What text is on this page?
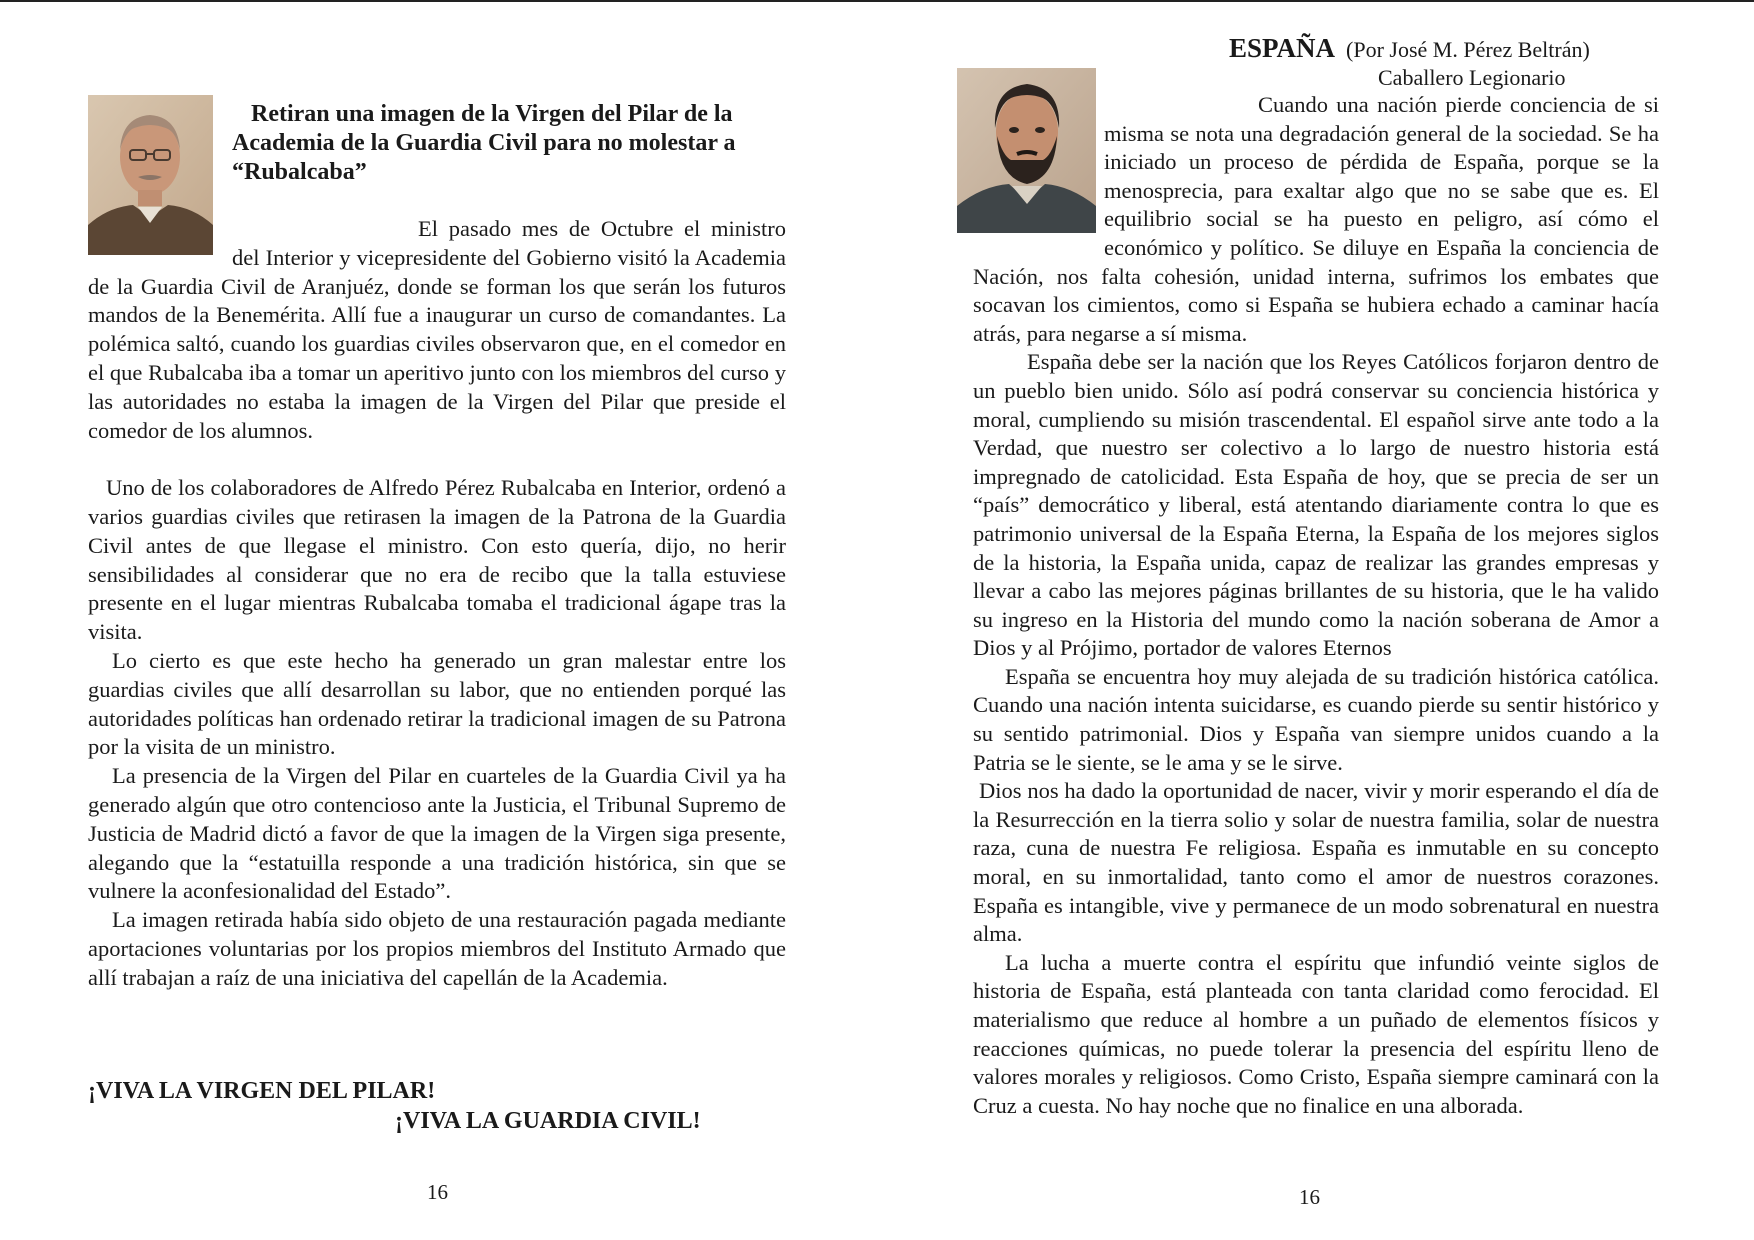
Retiran una imagen de la Virgen del Pilar de la
Academia de la Guardia Civil para no molestar a
“Rubalcaba”

El pasado mes de Octubre el ministro del Interior y vicepresidente del Gobierno visitó la Academia de la Guardia Civil de Aranjuéz, donde se forman los que serán los futuros mandos de la Benemérita. Allí fue a inaugurar un curso de comandantes. La polémica saltó, cuando los guardias civiles observaron que, en el comedor en el que Rubalcaba iba a tomar un aperitivo junto con los miembros del curso y las autoridades no estaba la imagen de la Virgen del Pilar que preside el comedor de los alumnos.

Uno de los colaboradores de Alfredo Pérez Rubalcaba en Interior, ordenó a varios guardias civiles que retirasen la imagen de la Patrona de la Guardia Civil antes de que llegase el ministro. Con esto quería, dijo, no herir sensibilidades al considerar que no era de recibo que la talla estuviese presente en el lugar mientras Rubalcaba tomaba el tradicional ágape tras la visita.

Lo cierto es que este hecho ha generado un gran malestar entre los guardias civiles que allí desarrollan su labor, que no entienden porqué las autoridades políticas han ordenado retirar la tradicional imagen de su Patrona por la visita de un ministro.

La presencia de la Virgen del Pilar en cuarteles de la Guardia Civil ya ha generado algún que otro contencioso ante la Justicia, el Tribunal Supremo de Justicia de Madrid dictó a favor de que la imagen de la Virgen siga presente, alegando que la “estatuilla responde a una tradición histórica, sin que se vulnere la aconfesionalidad del Estado”.

La imagen retirada había sido objeto de una restauración pagada mediante aportaciones voluntarias por los propios miembros del Instituto Armado que allí trabajan a raíz de una iniciativa del capellán de la Academia.

¡VIVA LA VIRGEN DEL PILAR!

¡VIVA LA GUARDIA CIVIL!

16
ESPAÑA (Por José M. Pérez Beltrán)
Caballero Legionario

Cuando una nación pierde conciencia de si misma se nota una degradación general de la sociedad. Se ha iniciado un proceso de pérdida de España, porque se la menosprecia, para exaltar algo que no se sabe que es. El equilibrio social se ha puesto en peligro, así cómo el económico y político. Se diluye en España la conciencia de Nación, nos falta cohesión, unidad interna, sufrimos los embates que socavan los cimientos, como si España se hubiera echado a caminar hacía atrás, para negarse a sí misma.

España debe ser la nación que los Reyes Católicos forjaron dentro de un pueblo bien unido. Sólo así podrá conservar su conciencia histórica y moral, cumpliendo su misión trascendental. El español sirve ante todo a la Verdad, que nuestro ser colectivo a lo largo de nuestro historia está impregnado de catolicidad. Esta España de hoy, que se precia de ser un “país” democrático y liberal, está atentando diariamente contra lo que es patrimonio universal de la España Eterna, la España de los mejores siglos de la historia, la España unida, capaz de realizar las grandes empresas y llevar a cabo las mejores páginas brillantes de su historia, que le ha valido su ingreso en la Historia del mundo como la nación soberana de Amor a Dios y al Prójimo, portador de valores Eternos

España se encuentra hoy muy alejada de su tradición histórica católica. Cuando una nación intenta suicidarse, es cuando pierde su sentir histórico y su sentido patrimonial. Dios y España van siempre unidos cuando a la Patria se le siente, se le ama y se le sirve.

Dios nos ha dado la oportunidad de nacer, vivir y morir esperando el día de la Resurrección en la tierra solio y solar de nuestra familia, solar de nuestra raza, cuna de nuestra Fe religiosa. España es inmutable en su concepto moral, en su inmortalidad, tanto como el amor de nuestros corazones. España es intangible, vive y permanece de un modo sobrenatural en nuestra alma.

La lucha a muerte contra el espíritu que infundió veinte siglos de historia de España, está planteada con tanta claridad como ferocidad. El materialismo que reduce al hombre a un puñado de elementos físicos y reacciones químicas, no puede tolerar la presencia del espíritu lleno de valores morales y religiosos. Como Cristo, España siempre caminará con la Cruz a cuesta. No hay noche que no finalice en una alborada.

16
